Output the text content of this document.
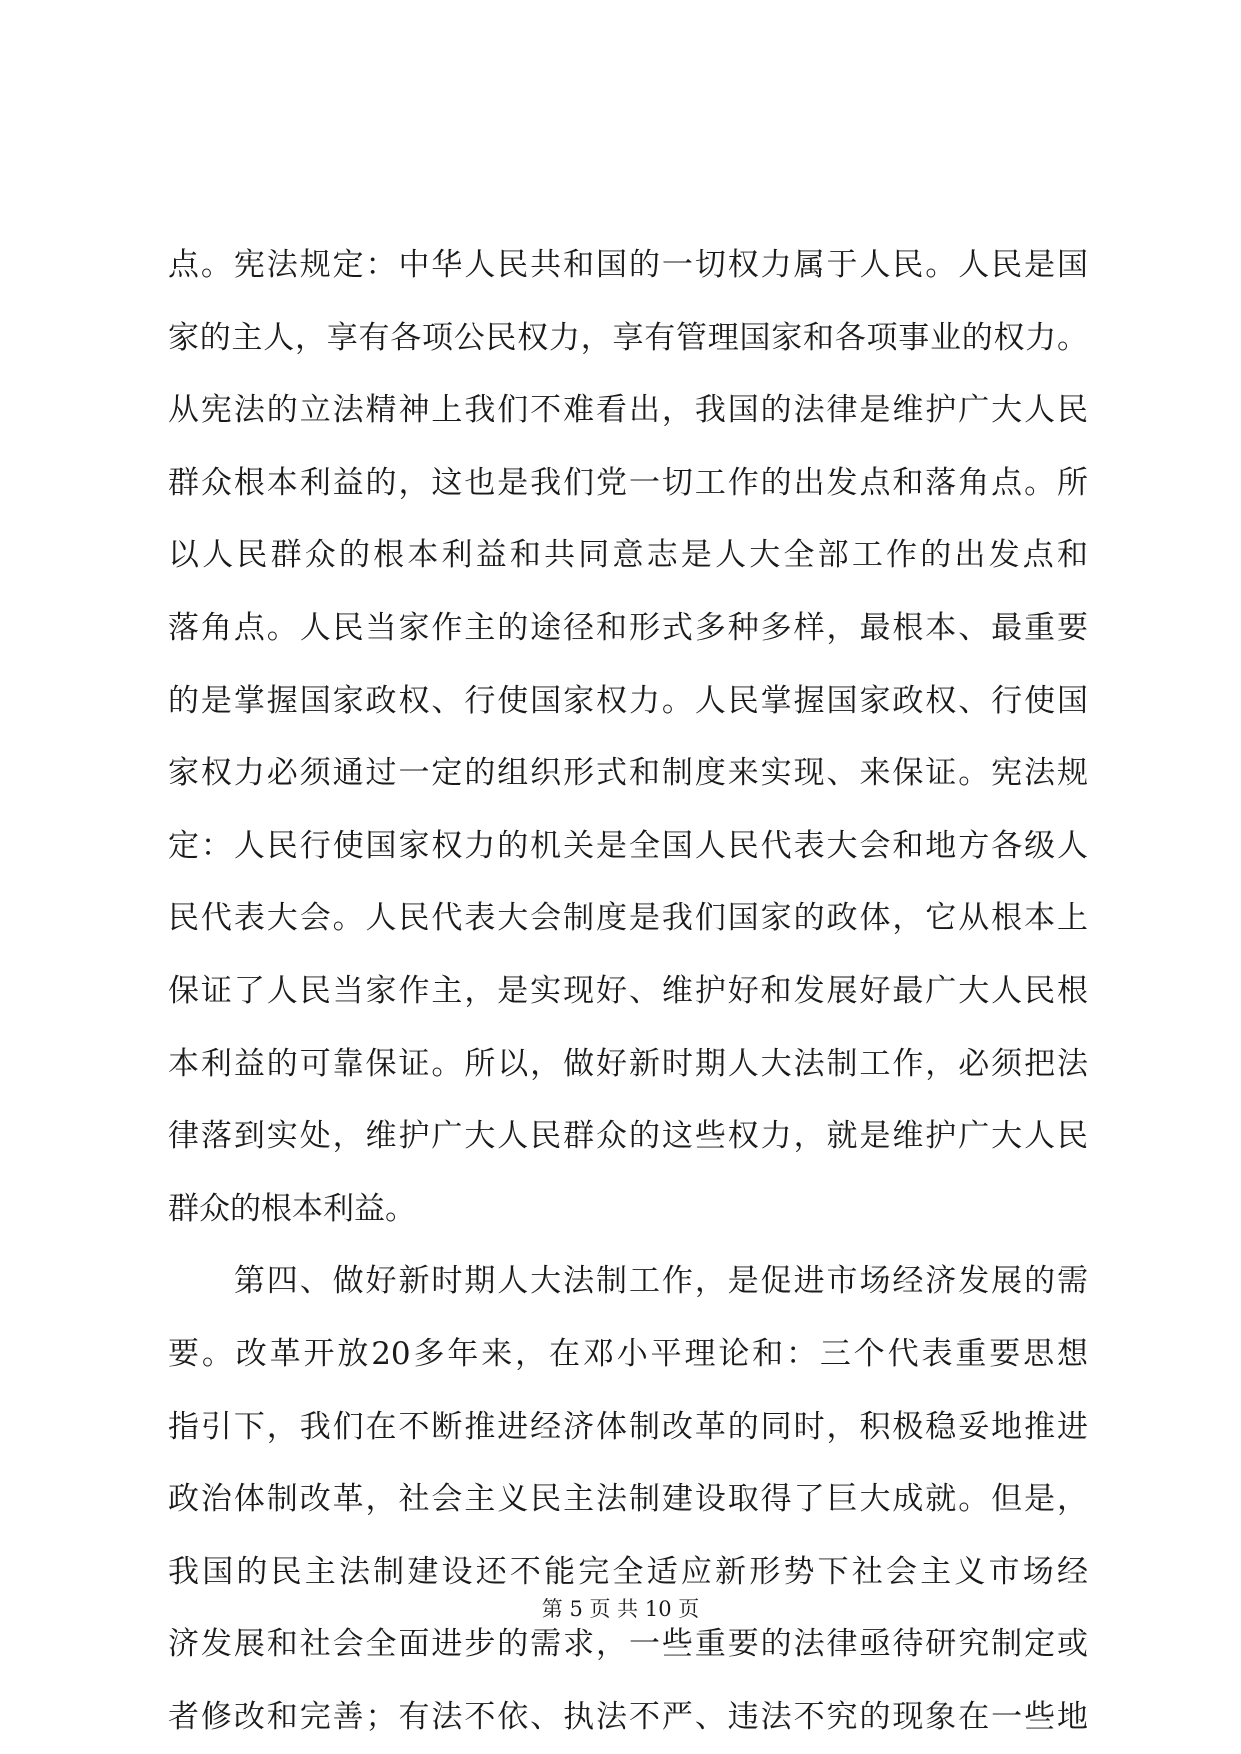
点。宪法规定：中华人民共和国的一切权力属于人民。人民是国
家的主人，享有各项公民权力，享有管理国家和各项事业的权力。
从宪法的立法精神上我们不难看出，我国的法律是维护广大人民
群众根本利益的，这也是我们党一切工作的出发点和落角点。所
以人民群众的根本利益和共同意志是人大全部工作的出发点和
落角点。人民当家作主的途径和形式多种多样，最根本、最重要
的是掌握国家政权、行使国家权力。人民掌握国家政权、行使国
家权力必须通过一定的组织形式和制度来实现、来保证。宪法规
定：人民行使国家权力的机关是全国人民代表大会和地方各级人
民代表大会。人民代表大会制度是我们国家的政体，它从根本上
保证了人民当家作主，是实现好、维护好和发展好最广大人民根
本利益的可靠保证。所以，做好新时期人大法制工作，必须把法
律落到实处，维护广大人民群众的这些权力，就是维护广大人民
群众的根本利益。
　　第四、做好新时期人大法制工作，是促进市场经济发展的需
要。改革开放20多年来，在邓小平理论和：三个代表重要思想
指引下，我们在不断推进经济体制改革的同时，积极稳妥地推进
政治体制改革，社会主义民主法制建设取得了巨大成就。但是，
我国的民主法制建设还不能完全适应新形势下社会主义市场经
济发展和社会全面进步的需求，一些重要的法律亟待研究制定或
者修改和完善；有法不依、执法不严、违法不究的现象在一些地
第 5 页 共 10 页
